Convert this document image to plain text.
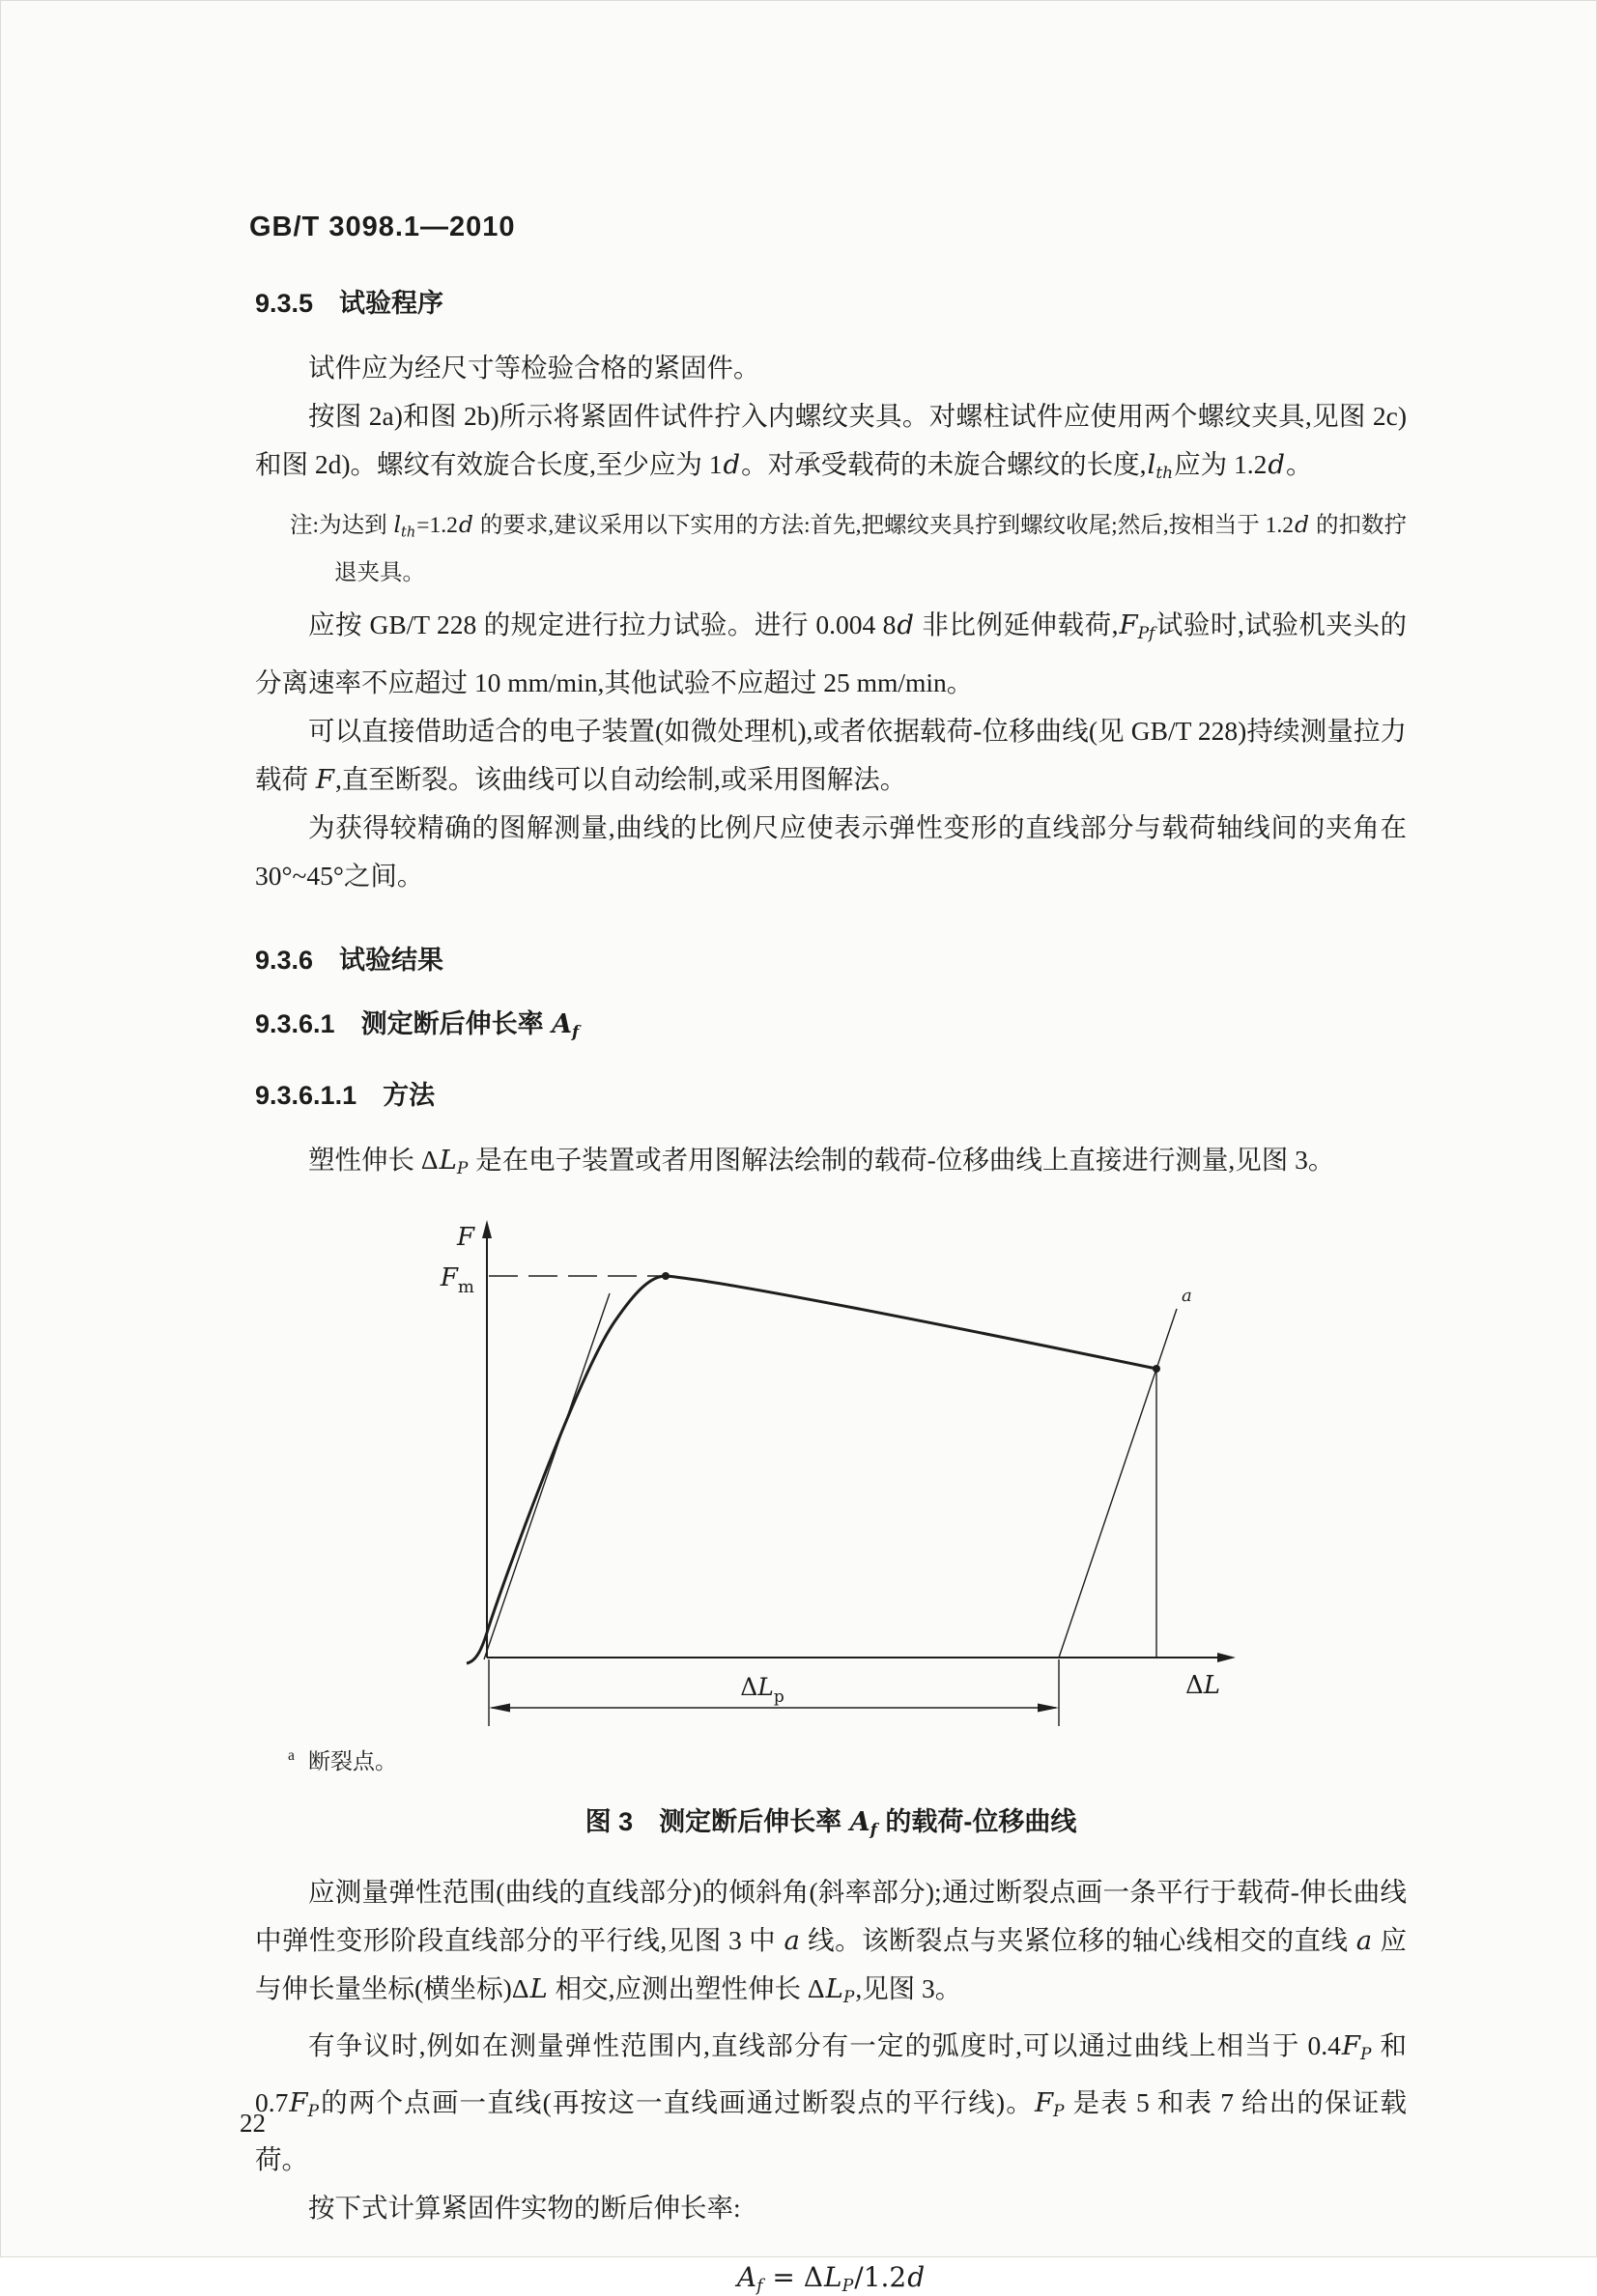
GB/T 3098.1—2010
9.3.5　试验程序

试件应为经尺寸等检验合格的紧固件。

按图 2a)和图 2b)所示将紧固件试件拧入内螺纹夹具。对螺柱试件应使用两个螺纹夹具,见图 2c)和图 2d)。螺纹有效旋合长度,至少应为 1d。对承受载荷的未旋合螺纹的长度$,l_{th}$应为 1.2d。

注:为达到 $l_{th}=1.2d$ 的要求,建议采用以下实用的方法:首先,把螺纹夹具拧到螺纹收尾;然后,按相当于 1.2d 的扣数拧退夹具。

应按 GB/T 228 的规定进行拉力试验。进行 0.004 8d 非比例延伸载荷$,F_{Pf}$试验时,试验机夹头的分离速率不应超过 10 mm/min,其他试验不应超过 25 mm/min。

可以直接借助适合的电子装置(如微处理机),或者依据载荷-位移曲线(见 GB/T 228)持续测量拉力载荷 F,直至断裂。该曲线可以自动绘制,或采用图解法。

为获得较精确的图解测量,曲线的比例尺应使表示弹性变形的直线部分与载荷轴线间的夹角在 30°~45°之间。

9.3.6　试验结果
9.3.6.1　测定断后伸长率 $A_f$
9.3.6.1.1　方法

塑性伸长 $\Delta L_P$ 是在电子装置或者用图解法绘制的载荷-位移曲线上直接进行测量,见图 3。

F
$F_m$	a
ΔL
$\Delta L_p$

$^a$ 断裂点。

图 3　测定断后伸长率 $A_f$ 的载荷-位移曲线

应测量弹性范围(曲线的直线部分)的倾斜角(斜率部分);通过断裂点画一条平行于载荷-伸长曲线中弹性变形阶段直线部分的平行线,见图 3 中 a 线。该断裂点与夹紧位移的轴心线相交的直线 a 应与伸长量坐标(横坐标)ΔL 相交,应测出塑性伸长 $\Delta L_P$,见图 3。

有争议时,例如在测量弹性范围内,直线部分有一定的弧度时,可以通过曲线上相当于 $0.4F_P$ 和 $0.7F_P$的两个点画一直线(再按这一直线画通过断裂点的平行线)。$F_P$ 是表 5 和表 7 给出的保证载荷。

按下式计算紧固件实物的断后伸长率:

$A_f = \Delta L_P/1.2d$

22
